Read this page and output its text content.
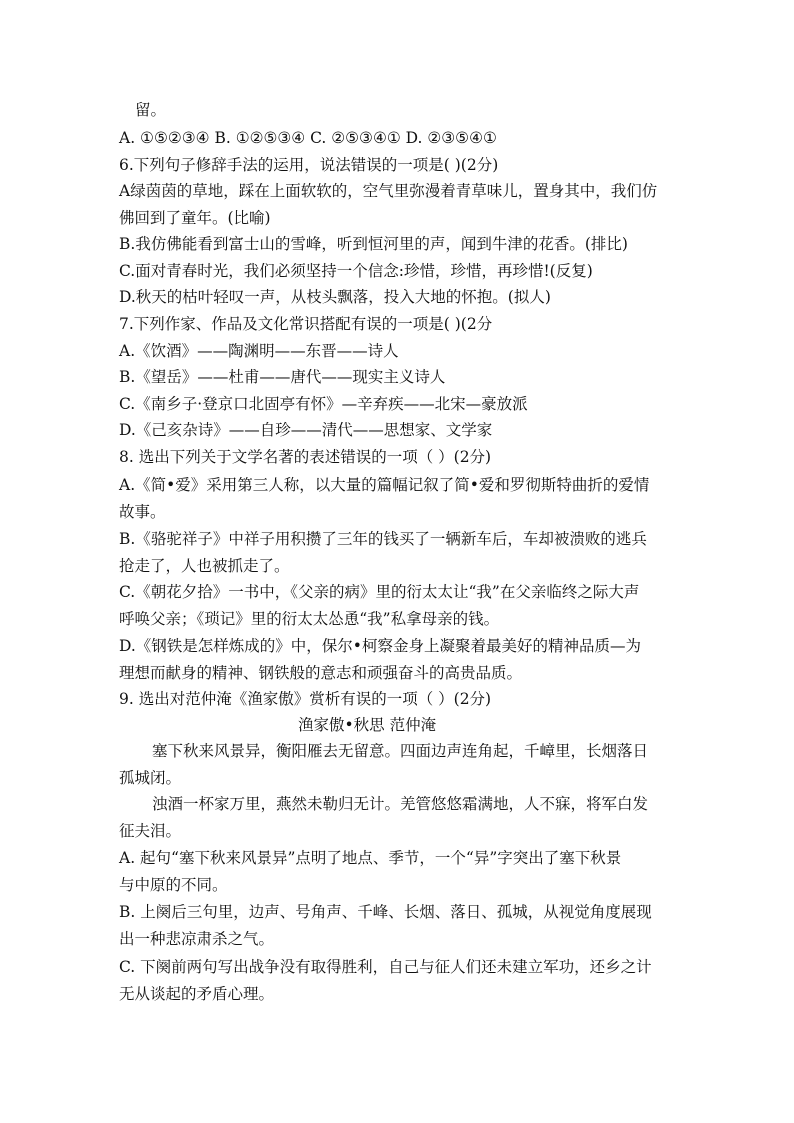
留。
A. ①⑤②③④ B. ①②⑤③④ C. ②⑤③④① D. ②③⑤④①
6.下列句子修辞手法的运用，说法错误的一项是( )(2分)
A绿茵茵的草地，踩在上面软软的，空气里弥漫着青草味儿，置身其中，我们仿
佛回到了童年。(比喻)
B.我仿佛能看到富士山的雪峰，听到恒河里的声，闻到牛津的花香。(排比)
C.面对青春时光，我们必须坚持一个信念:珍惜，珍惜，再珍惜!(反复)
D.秋天的枯叶轻叹一声，从枝头飘落，投入大地的怀抱。(拟人)
7.下列作家、作品及文化常识搭配有误的一项是( )(2分
A.《饮酒》——陶渊明——东晋——诗人
B.《望岳》——杜甫——唐代——现实主义诗人
C.《南乡子·登京口北固亭有怀》—辛弃疾——北宋—豪放派
D.《己亥杂诗》——自珍——清代——思想家、文学家
8. 选出下列关于文学名著的表述错误的一项（ ）(2分)
A.《简•爱》采用第三人称，以大量的篇幅记叙了简•爱和罗彻斯特曲折的爱情
故事。
B.《骆驼祥子》中祥子用积攒了三年的钱买了一辆新车后，车却被溃败的逃兵
抢走了，人也被抓走了。
C.《朝花夕拾》一书中，《父亲的病》里的衍太太让“我”在父亲临终之际大声
呼唤父亲；《琐记》里的衍太太怂恿“我”私拿母亲的钱。
D.《钢铁是怎样炼成的》中，保尔•柯察金身上凝聚着最美好的精神品质—为
理想而献身的精神、钢铁般的意志和顽强奋斗的高贵品质。
9. 选出对范仲淹《渔家傲》赏析有误的一项（ ）(2分)
渔家傲•秋思 范仲淹
塞下秋来风景异，衡阳雁去无留意。四面边声连角起，千嶂里，长烟落日
孤城闭。
浊酒一杯家万里，燕然未勒归无计。羌管悠悠霜满地，人不寐，将军白发
征夫泪。
A. 起句“塞下秋来风景异”点明了地点、季节，一个“异”字突出了塞下秋景
与中原的不同。
B. 上阕后三句里，边声、号角声、千峰、长烟、落日、孤城，从视觉角度展现
出一种悲凉肃杀之气。
C. 下阕前两句写出战争没有取得胜利，自己与征人们还未建立军功，还乡之计
无从谈起的矛盾心理。
